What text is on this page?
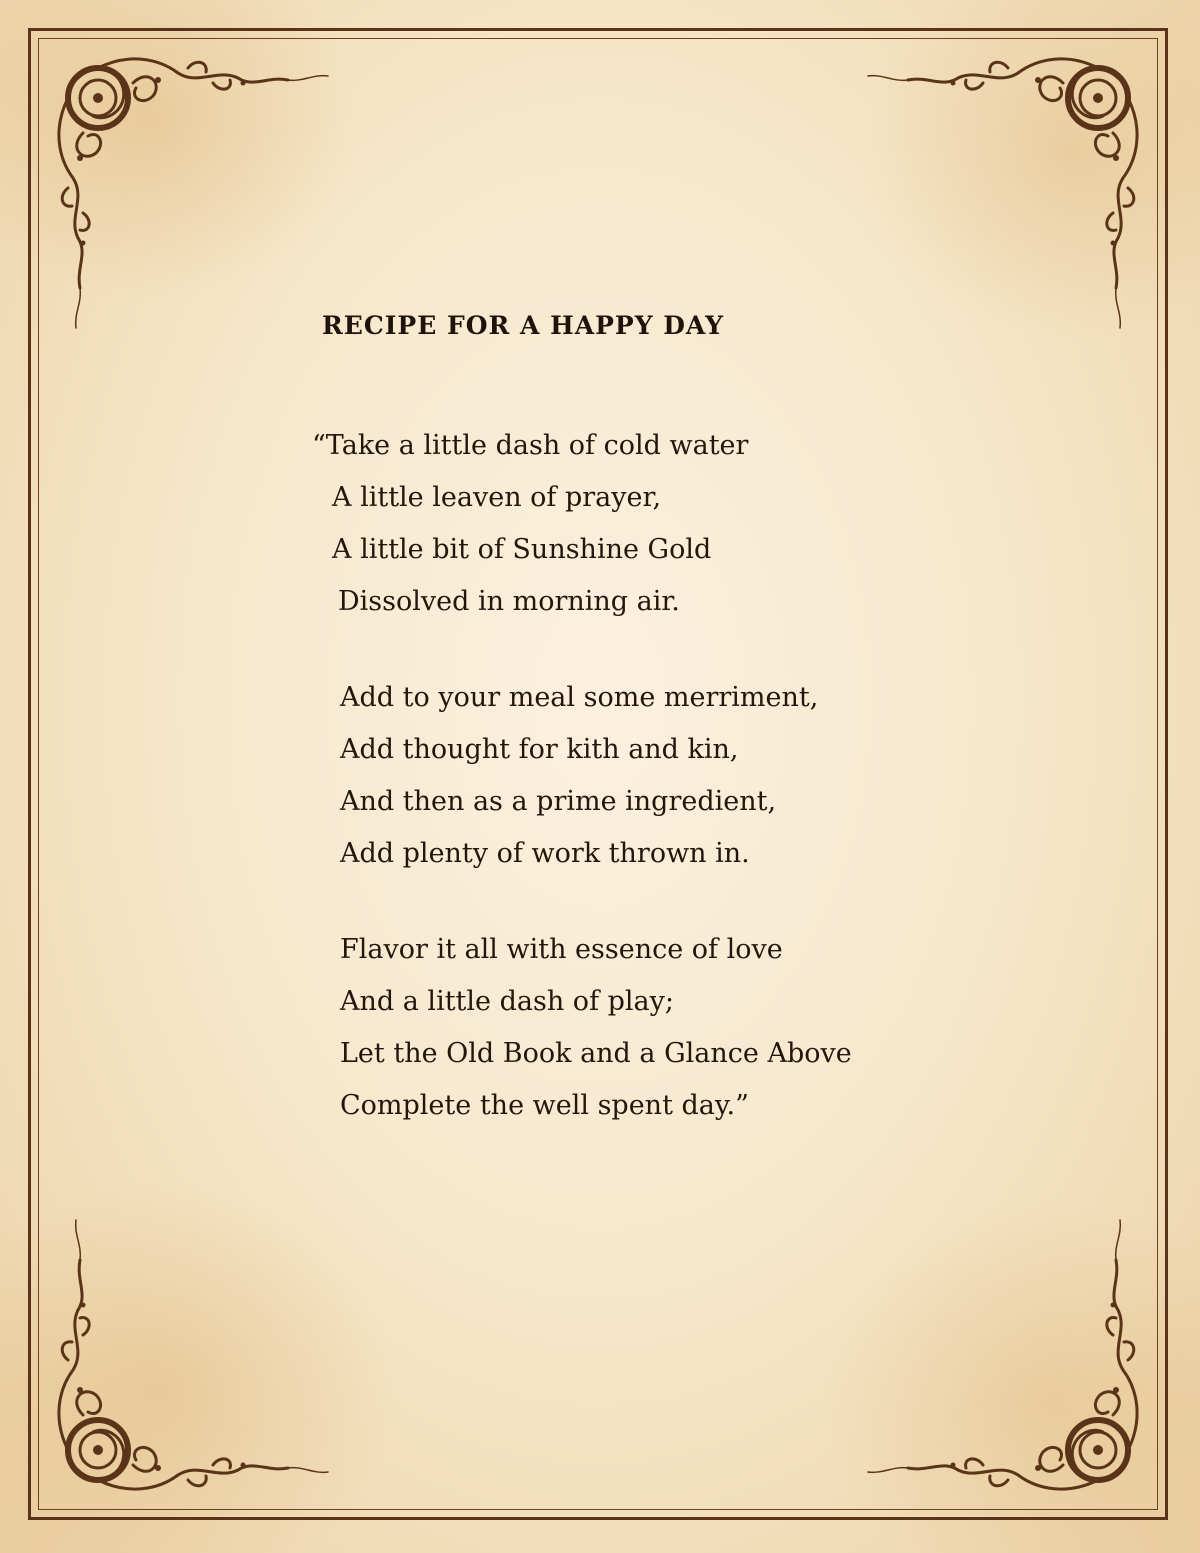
RECIPE FOR A HAPPY DAY
“Take a little dash of cold water
A little leaven of prayer,
A little bit of Sunshine Gold
Dissolved in morning air.
Add to your meal some merriment,
Add thought for kith and kin,
And then as a prime ingredient,
Add plenty of work thrown in.
Flavor it all with essence of love
And a little dash of play;
Let the Old Book and a Glance Above
Complete the well spent day.”
